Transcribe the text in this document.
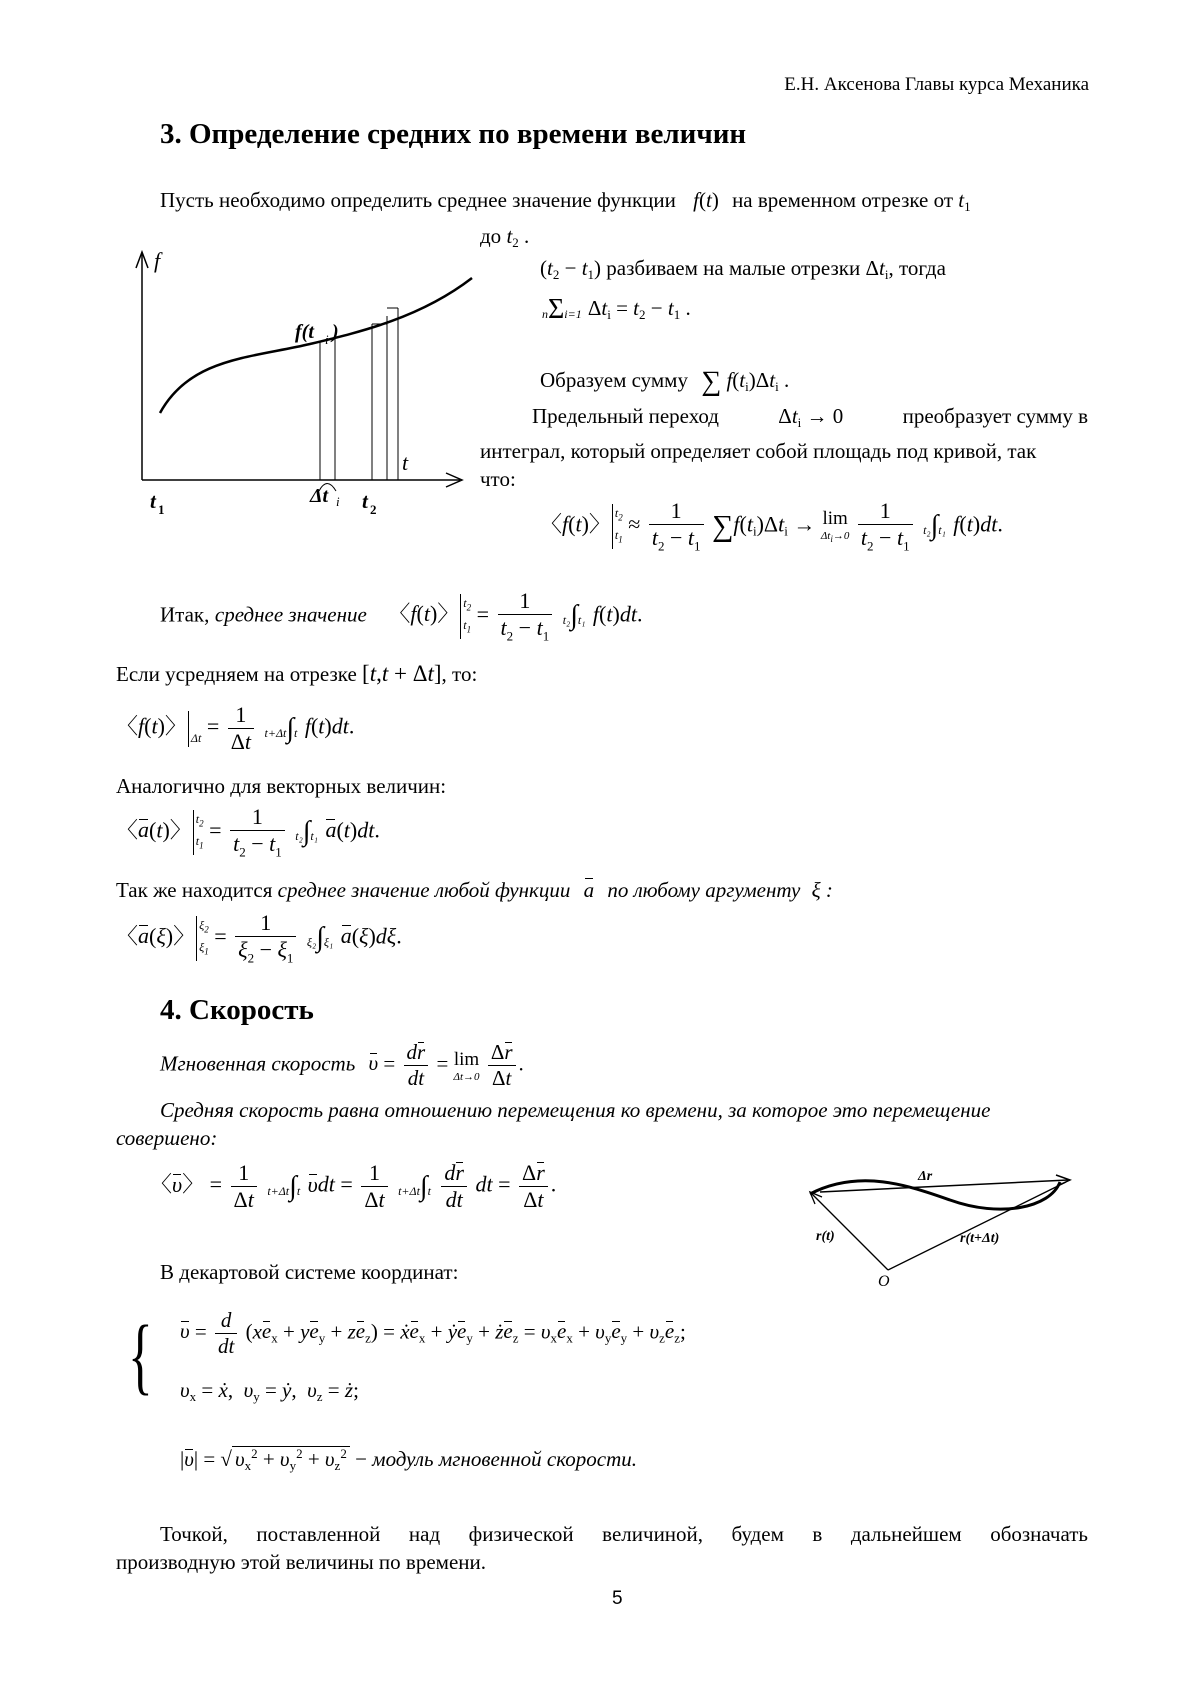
Е.Н. Аксенова Главы курса Механика
3. Определение средних по времени величин
Пусть необходимо определить среднее значение функции f(t) на временном отрезке от $t_1$
до $t_2$ .
f
t
t 1	t 2
Δt i
f(t i )
$(t_2 - t_1)$ разбиваем на малые отрезки $\Delta t_i$, тогда
nΣi=1 $\Delta t_i = t_2 - t_1$ .
Образуем сумму ∑ $f(t_i)\Delta t_i$ .
Предельный переход	$\Delta t_i \to 0$	преобразует сумму в
интеграл, который определяет собой площадь под кривой, так
что:
〈f(t)〉 $t_2$
$t_1$
≈ $\frac{1}{t_2 - t_1} \sum f(t_i)\Delta t_i \to \lim$
$\Delta t_i\to 0$
$\frac{1}{t_2 - t_1} t_2\int t_1$ f(t)dt.
Итак, среднее значение 〈f(t)〉 $t_2$
$t_1$
= $\frac{1}{t_2 - t_1} t_2\int t_1$ f(t)dt.
Если усредняем на отрезке [t,t + Δt], то:
〈f(t)〉
$\Delta t = \frac{1}{\Delta t} t+\Delta t\int t$ f(t)dt.
Аналогично для векторных величин:
〈a(t)〉 $t_2$
$t_1$
= $\frac{1}{t_2 - t_1} t_2\int t_1$ a(t)dt.
Так же находится среднее значение любой функции a по любому аргументу ξ :
〈a(ξ)〉 $\xi_2$
$\xi_1$
= $\frac{1}{\xi_2 - \xi_1} \xi_2\int\xi_1$ a(ξ)dξ.
4. Скорость
Мгновенная скорость $\upsilon = \frac{dr}{dt} = \lim$
Δt→0
$\frac{\Delta r}{\Delta t}$ .
Средняя скорость равна отношению перемещения ко времени, за которое это перемещение
совершено:
〈υ〉 = $\frac{1}{\Delta t} t+\Delta t\int t$ $\upsilon dt = \frac{1}{\Delta t} t+\Delta t\int t \frac{dr}{dt}$ dt = $\frac{\Delta r}{\Delta t}$ .	Δr
r(t)	r(t+Δt)
O
В декартовой системе координат:
{ $\upsilon = \frac{d}{dt} (xe_x + ye_y + ze_z)$ = ẋe$_x$ + ẏe$_y$ + $że_z = \upsilon_xe_x + \upsilon_ye_y + \upsilon_ze_z$;
$\upsilon_x$ = ẋ,  $\upsilon_y$ = ẏ,  $\upsilon_z$ = ż;
|υ| = √ $\upsilon_x^2 + \upsilon_y^2 + \upsilon_z^2$ − модуль мгновенной скорости.
Точкой, поставленной над физической величиной, будем в дальнейшем обозначать
производную этой величины по времени.
5
